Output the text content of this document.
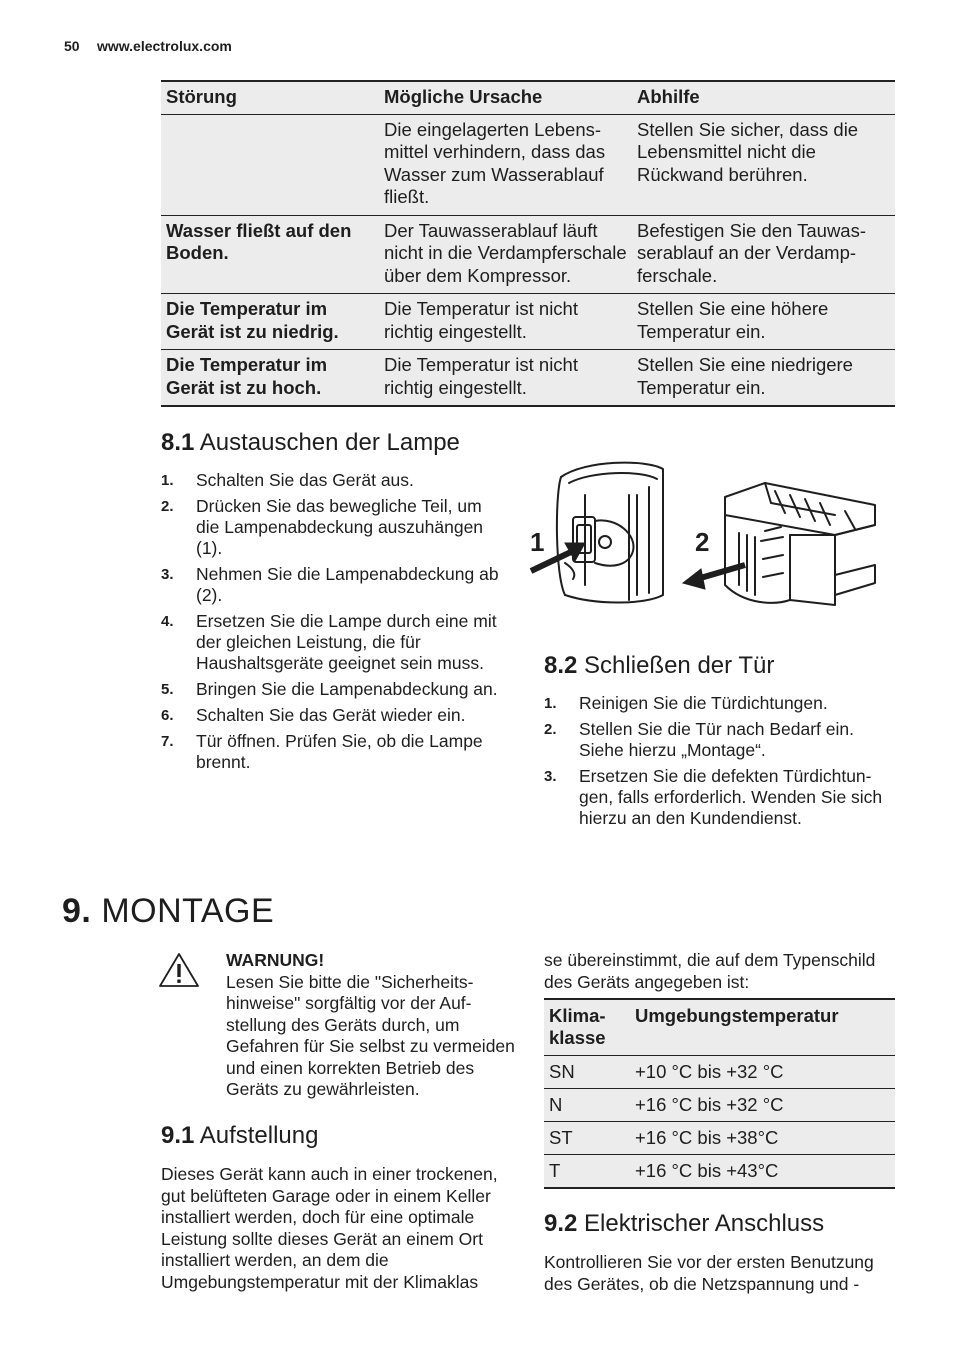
50 www.electrolux.com
Störung	Mögliche Ursache	Abhilfe
	Die eingelagerten Lebensmittel verhindern, dass das Wasser zum Wasserablauf fließt.	Stellen Sie sicher, dass die Lebensmittel nicht die Rückwand berühren.
Wasser fließt auf den Boden.	Der Tauwasserablauf läuft nicht in die Verdampferschale über dem Kompressor.	Befestigen Sie den Tauwasserablauf an der Verdampferschale.
Die Temperatur im Gerät ist zu niedrig.	Die Temperatur ist nicht richtig eingestellt.	Stellen Sie eine höhere Temperatur ein.
Die Temperatur im Gerät ist zu hoch.	Die Temperatur ist nicht richtig eingestellt.	Stellen Sie eine niedrigere Temperatur ein.
8.1 Austauschen der Lampe
1. Schalten Sie das Gerät aus.
2. Drücken Sie das bewegliche Teil, um die Lampenabdeckung auszuhängen (1).
3. Nehmen Sie die Lampenabdeckung ab (2).
4. Ersetzen Sie die Lampe durch eine mit der gleichen Leistung, die für Haushaltsgeräte geeignet sein muss.
5. Bringen Sie die Lampenabdeckung an.
6. Schalten Sie das Gerät wieder ein.
7. Tür öffnen. Prüfen Sie, ob die Lampe brennt.
1	2
8.2 Schließen der Tür
1. Reinigen Sie die Türdichtungen.
2. Stellen Sie die Tür nach Bedarf ein. Siehe hierzu „Montage“.
3. Ersetzen Sie die defekten Türdichtungen, falls erforderlich. Wenden Sie sich hierzu an den Kundendienst.
9. MONTAGE
WARNUNG!
Lesen Sie bitte die "Sicherheitshinweise" sorgfältig vor der Aufstellung des Geräts durch, um Gefahren für Sie selbst zu vermeiden und einen korrekten Betrieb des Geräts zu gewährleisten.
9.1 Aufstellung
Dieses Gerät kann auch in einer trockenen, gut belüfteten Garage oder in einem Keller installiert werden, doch für eine optimale Leistung sollte dieses Gerät an einem Ort installiert werden, an dem die Umgebungstemperatur mit der Klimaklas
se übereinstimmt, die auf dem Typenschild des Geräts angegeben ist:
Klimaklasse	Umgebungstemperatur
SN	+10 °C bis +32 °C
N	+16 °C bis +32 °C
ST	+16 °C bis +38°C
T	+16 °C bis +43°C
9.2 Elektrischer Anschluss
Kontrollieren Sie vor der ersten Benutzung des Gerätes, ob die Netzspannung und -
